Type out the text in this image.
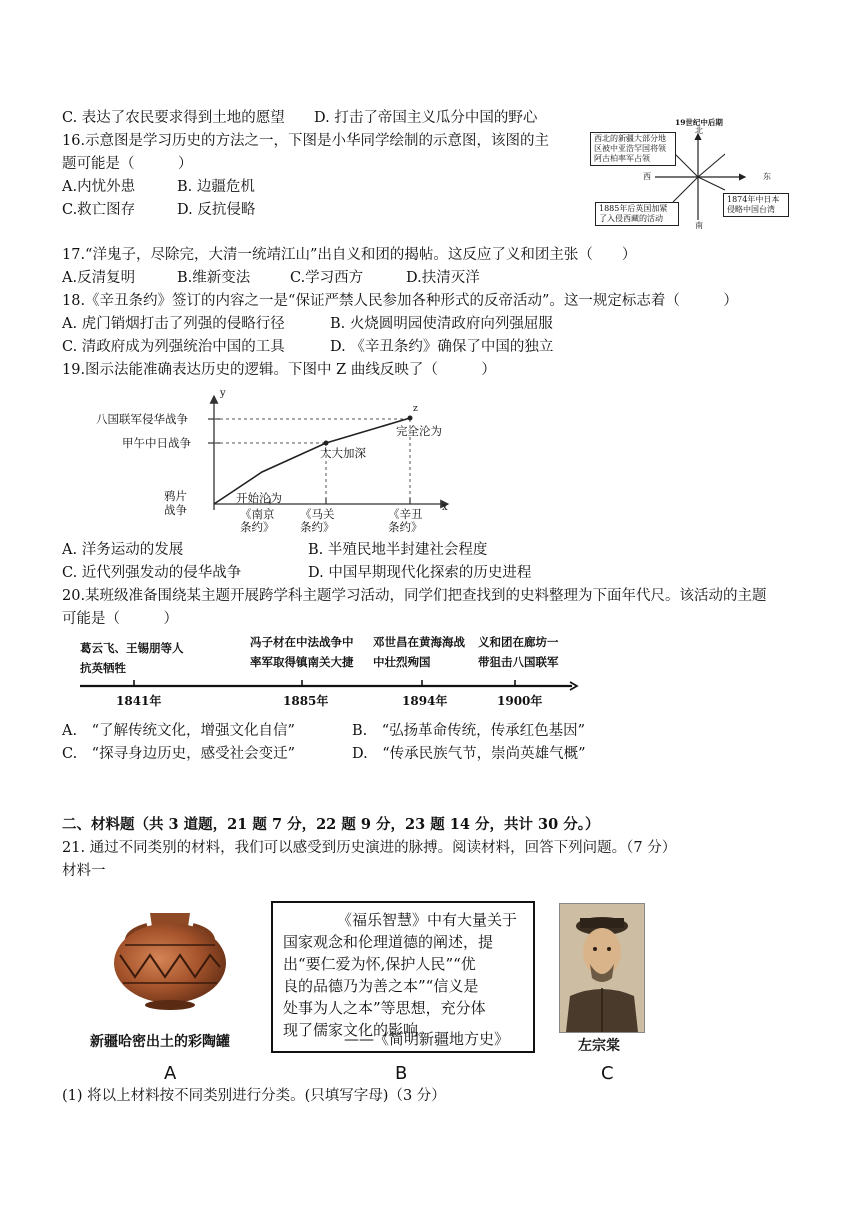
C. 表达了农民要求得到土地的愿望 D. 打击了帝国主义瓜分中国的野心
16.示意图是学习历史的方法之一，下图是小华同学绘制的示意图，该图的主
题可能是（　　　）
A.内忧外患	B. 边疆危机
C.救亡图存	D. 反抗侵略
19世纪中后期
北
南
西	东
西北的新疆大部分地区被中亚浩罕国将领阿古柏率军占领
1874年中日本侵略中国台湾
1885年后英国加紧了入侵西藏的活动
17.“洋鬼子，尽除完，大清一统靖江山”出自义和团的揭帖。这反应了义和团主张（　　）
A.反清复明	B.维新变法	C.学习西方	D.扶清灭洋
18.《辛丑条约》签订的内容之一是“保证严禁人民参加各种形式的反帝活动”。这一规定标志着（　　　）
A. 虎门销烟打击了列强的侵略行径	B. 火烧圆明园使清政府向列强屈服
C. 清政府成为列强统治中国的工具	D. 《辛丑条约》确保了中国的独立
19.图示法能准确表达历史的逻辑。下图中 Z 曲线反映了（　　　）
y
x
z
八国联军侵华战争
甲午中日战争
鸦片
战争
开始沦为
大大加深
完全沦为
《南京
条约》
《马关
条约》
《辛丑
条约》
A. 洋务运动的发展	B. 半殖民地半封建社会程度
C. 近代列强发动的侵华战争	D. 中国早期现代化探索的历史进程
20.某班级准备围绕某主题开展跨学科主题学习活动，同学们把查找到的史料整理为下面年代尺。该活动的主题
可能是（　　　）
葛云飞、王锡朋等人
抗英牺牲
冯子材在中法战争中
率军取得镇南关大捷
邓世昌在黄海海战
中壮烈殉国
义和团在廊坊一
带狙击八国联军
1841年	1885年	1894年	1900年
A.　“了解传统文化，增强文化自信”	B.　“弘扬革命传统，传承红色基因”
C.　“探寻身边历史，感受社会变迁”	D.　“传承民族气节，崇尚英雄气概”
二、材料题（共 3 道题，21 题 7 分，22 题 9 分，23 题 14 分，共计 30 分。）
21. 通过不同类别的材料，我们可以感受到历史演进的脉搏。阅读材料，回答下列问题。（7 分）
材料一
新疆哈密出土的彩陶罐

《福乐智慧》中有大量关于

国家观念和伦理道德的阐述，提

出“要仁爱为怀,保护人民”“优

良的品德乃为善之本”“信义是

处事为人之本”等思想，充分体

现了儒家文化的影响。

——《简明新疆地方史》	左宗棠
A	B	C
(1) 将以上材料按不同类别进行分类。(只填写字母)（3 分）
